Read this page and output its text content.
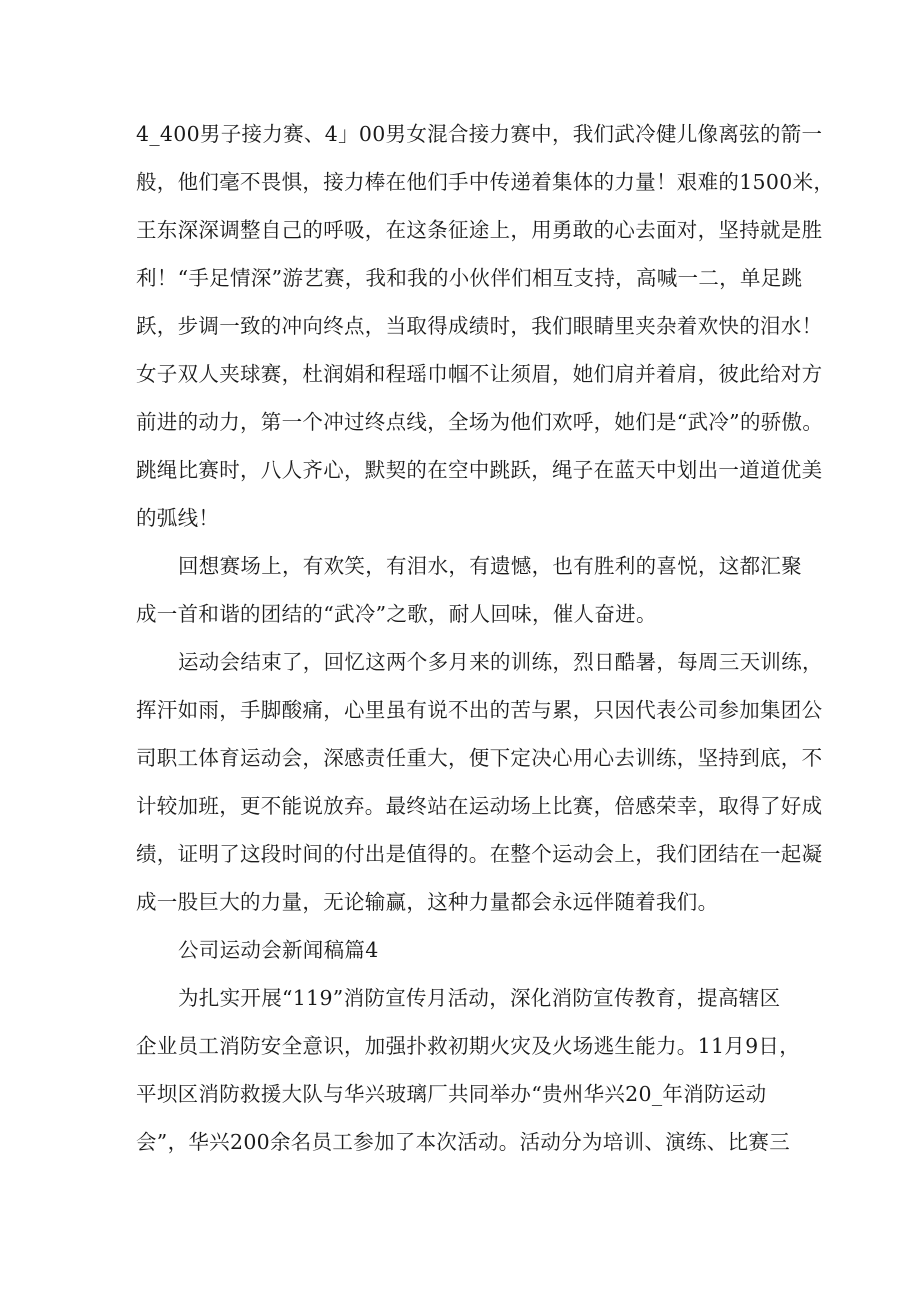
4_400男子接力赛、4」00男女混合接力赛中，我们武冷健儿像离弦的箭一
般，他们毫不畏惧，接力棒在他们手中传递着集体的力量！艰难的1500米，
王东深深调整自己的呼吸，在这条征途上，用勇敢的心去面对，坚持就是胜
利！“手足情深”游艺赛，我和我的小伙伴们相互支持，高喊一二，单足跳
跃，步调一致的冲向终点，当取得成绩时，我们眼睛里夹杂着欢快的泪水！
女子双人夹球赛，杜润娟和程瑶巾帼不让须眉，她们肩并着肩，彼此给对方
前进的动力，第一个冲过终点线，全场为他们欢呼，她们是“武冷”的骄傲。
跳绳比赛时，八人齐心，默契的在空中跳跃，绳子在蓝天中划出一道道优美
的弧线！
回想赛场上，有欢笑，有泪水，有遗憾，也有胜利的喜悦，这都汇聚
成一首和谐的团结的“武冷”之歌，耐人回味，催人奋进。
运动会结束了，回忆这两个多月来的训练，烈日酷暑，每周三天训练，
挥汗如雨，手脚酸痛，心里虽有说不出的苦与累，只因代表公司参加集团公
司职工体育运动会，深感责任重大，便下定决心用心去训练，坚持到底，不
计较加班，更不能说放弃。最终站在运动场上比赛，倍感荣幸，取得了好成
绩，证明了这段时间的付出是值得的。在整个运动会上，我们团结在一起凝
成一股巨大的力量，无论输赢，这种力量都会永远伴随着我们。
公司运动会新闻稿篇4
为扎实开展“119”消防宣传月活动，深化消防宣传教育，提高辖区
企业员工消防安全意识，加强扑救初期火灾及火场逃生能力。11月9日，
平坝区消防救援大队与华兴玻璃厂共同举办“贵州华兴20_年消防运动
会”，华兴200余名员工参加了本次活动。活动分为培训、演练、比赛三
